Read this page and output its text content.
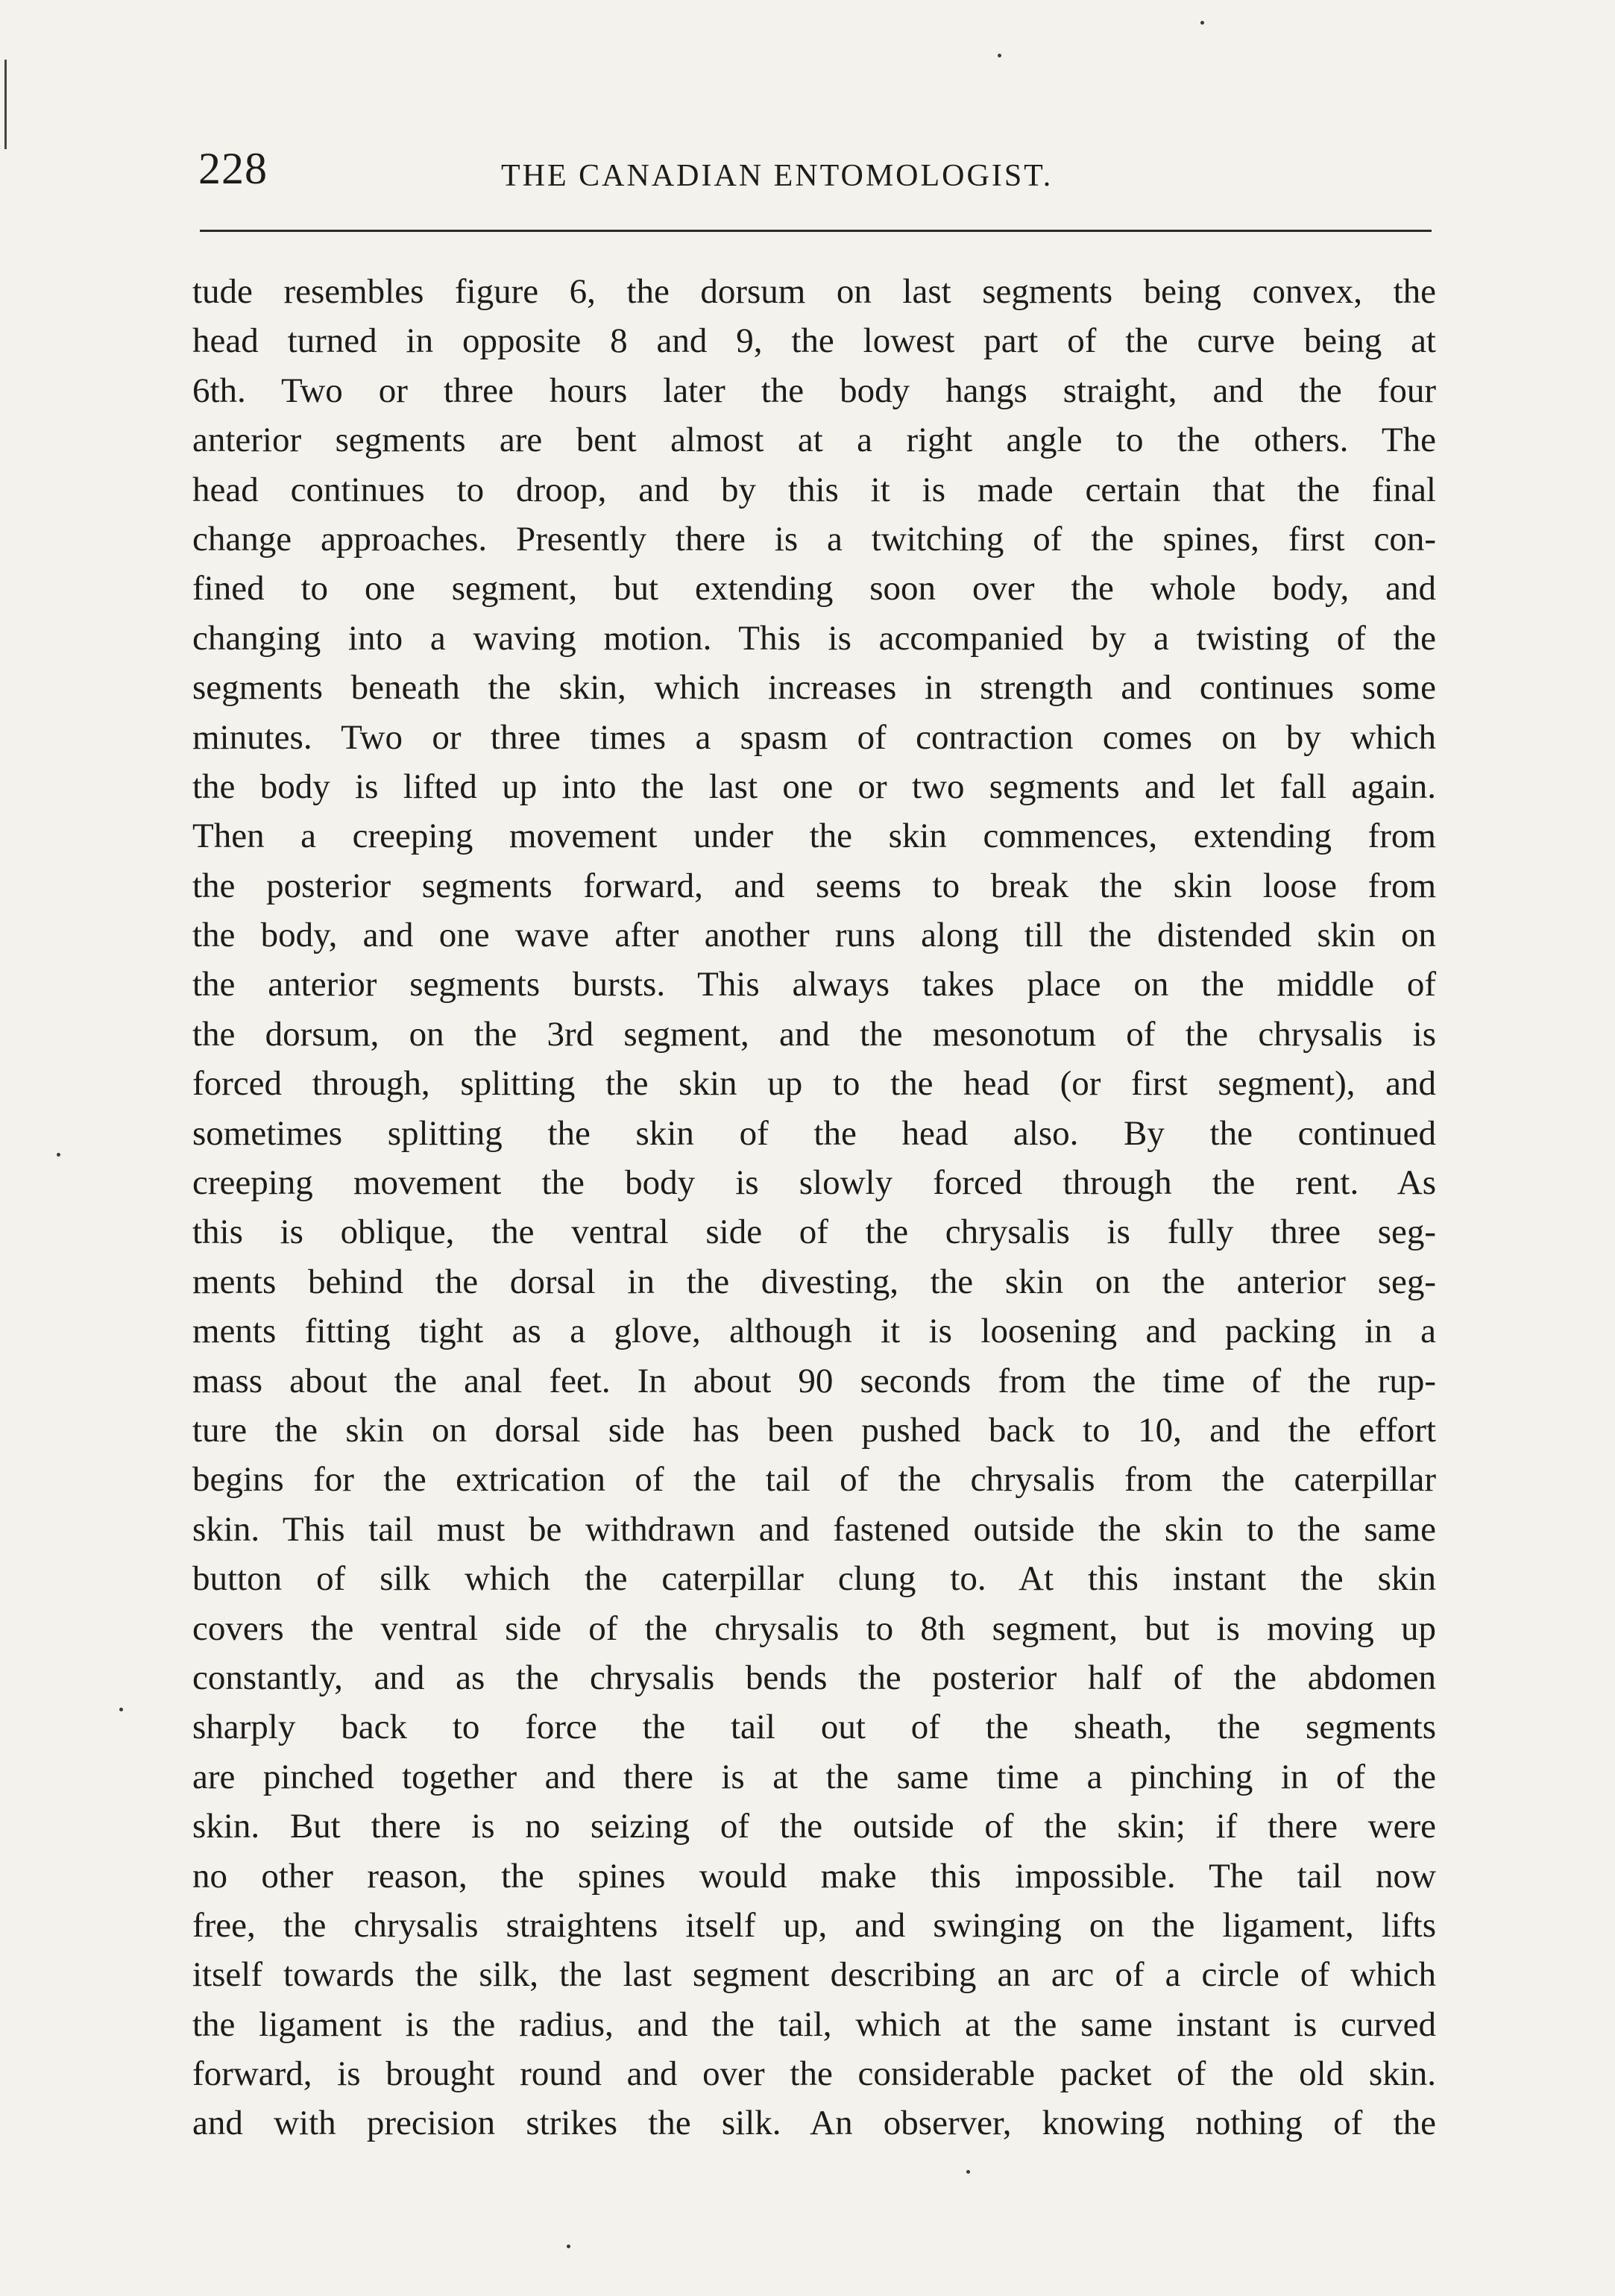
228	THE CANADIAN ENTOMOLOGIST.
tude resembles figure 6, the dorsum on last segments being convex, the
head turned in opposite 8 and 9, the lowest part of the curve being at
6th. Two or three hours later the body hangs straight, and the four
anterior segments are bent almost at a right angle to the others. The
head continues to droop, and by this it is made certain that the final
change approaches. Presently there is a twitching of the spines, first con-
fined to one segment, but extending soon over the whole body, and
changing into a waving motion. This is accompanied by a twisting of the
segments beneath the skin, which increases in strength and continues some
minutes. Two or three times a spasm of contraction comes on by which
the body is lifted up into the last one or two segments and let fall again.
Then a creeping movement under the skin commences, extending from
the posterior segments forward, and seems to break the skin loose from
the body, and one wave after another runs along till the distended skin on
the anterior segments bursts. This always takes place on the middle of
the dorsum, on the 3rd segment, and the mesonotum of the chrysalis is
forced through, splitting the skin up to the head (or first segment), and
sometimes splitting the skin of the head also. By the continued
creeping movement the body is slowly forced through the rent. As
this is oblique, the ventral side of the chrysalis is fully three seg-
ments behind the dorsal in the divesting, the skin on the anterior seg-
ments fitting tight as a glove, although it is loosening and packing in a
mass about the anal feet. In about 90 seconds from the time of the rup-
ture the skin on dorsal side has been pushed back to 10, and the effort
begins for the extrication of the tail of the chrysalis from the caterpillar
skin. This tail must be withdrawn and fastened outside the skin to the same
button of silk which the caterpillar clung to. At this instant the skin
covers the ventral side of the chrysalis to 8th segment, but is moving up
constantly, and as the chrysalis bends the posterior half of the abdomen
sharply back to force the tail out of the sheath, the segments
are pinched together and there is at the same time a pinching in of the
skin. But there is no seizing of the outside of the skin; if there were
no other reason, the spines would make this impossible. The tail now
free, the chrysalis straightens itself up, and swinging on the ligament, lifts
itself towards the silk, the last segment describing an arc of a circle of which
the ligament is the radius, and the tail, which at the same instant is curved
forward, is brought round and over the considerable packet of the old skin.
and with precision strikes the silk. An observer, knowing nothing of the
